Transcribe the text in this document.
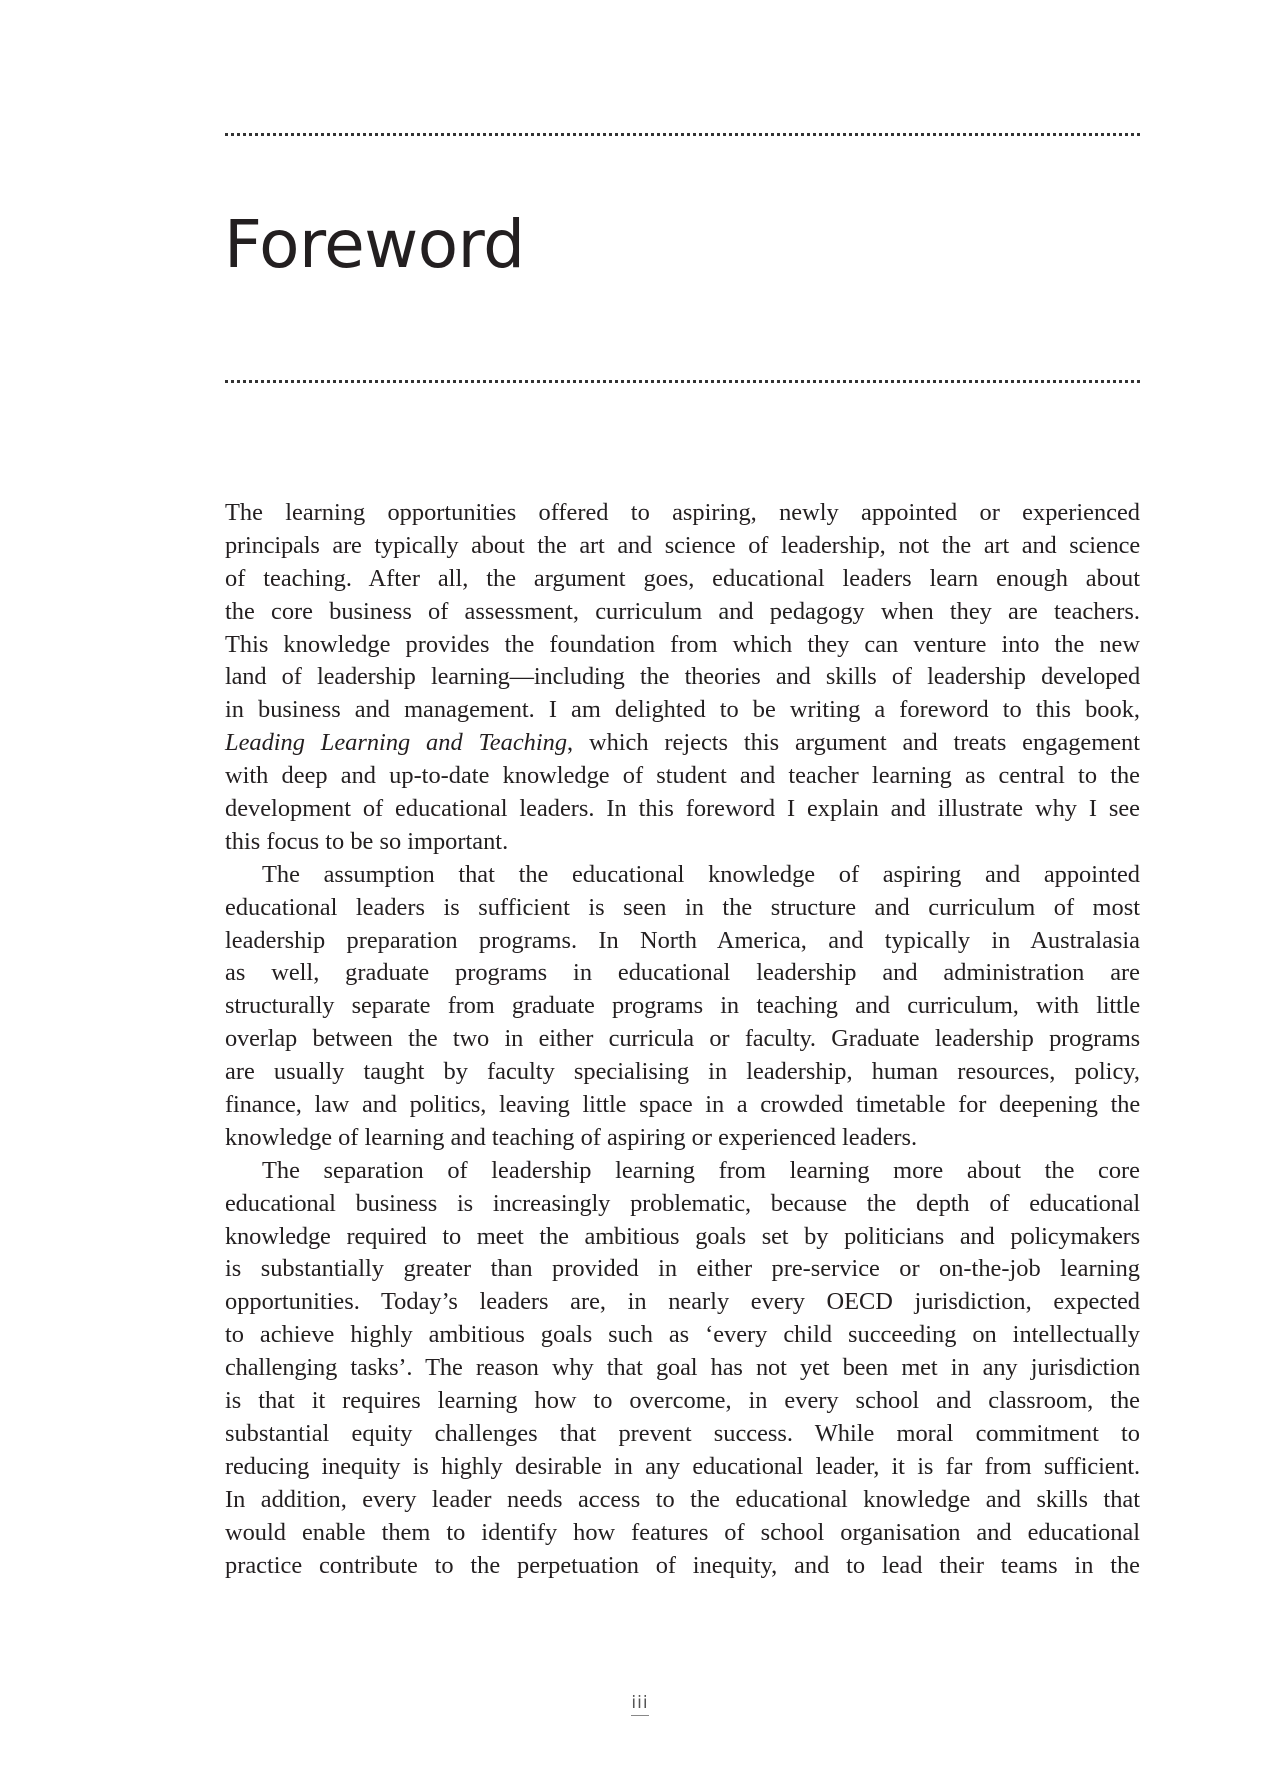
Foreword
The learning opportunities offered to aspiring, newly appointed or experienced
principals are typically about the art and science of leadership, not the art and science
of teaching. After all, the argument goes, educational leaders learn enough about
the core business of assessment, curriculum and pedagogy when they are teachers.
This knowledge provides the foundation from which they can venture into the new
land of leadership learning—including the theories and skills of leadership developed
in business and management. I am delighted to be writing a foreword to this book,
Leading Learning and Teaching, which rejects this argument and treats engagement
with deep and up-to-date knowledge of student and teacher learning as central to the
development of educational leaders. In this foreword I explain and illustrate why I see
this focus to be so important.
The assumption that the educational knowledge of aspiring and appointed
educational leaders is sufficient is seen in the structure and curriculum of most
leadership preparation programs. In North America, and typically in Australasia
as well, graduate programs in educational leadership and administration are
structurally separate from graduate programs in teaching and curriculum, with little
overlap between the two in either curricula or faculty. Graduate leadership programs
are usually taught by faculty specialising in leadership, human resources, policy,
finance, law and politics, leaving little space in a crowded timetable for deepening the
knowledge of learning and teaching of aspiring or experienced leaders.
The separation of leadership learning from learning more about the core
educational business is increasingly problematic, because the depth of educational
knowledge required to meet the ambitious goals set by politicians and policymakers
is substantially greater than provided in either pre-service or on-the-job learning
opportunities. Today’s leaders are, in nearly every OECD jurisdiction, expected
to achieve highly ambitious goals such as ‘every child succeeding on intellectually
challenging tasks’. The reason why that goal has not yet been met in any jurisdiction
is that it requires learning how to overcome, in every school and classroom, the
substantial equity challenges that prevent success. While moral commitment to
reducing inequity is highly desirable in any educational leader, it is far from sufficient.
In addition, every leader needs access to the educational knowledge and skills that
would enable them to identify how features of school organisation and educational
practice contribute to the perpetuation of inequity, and to lead their teams in the
iii
